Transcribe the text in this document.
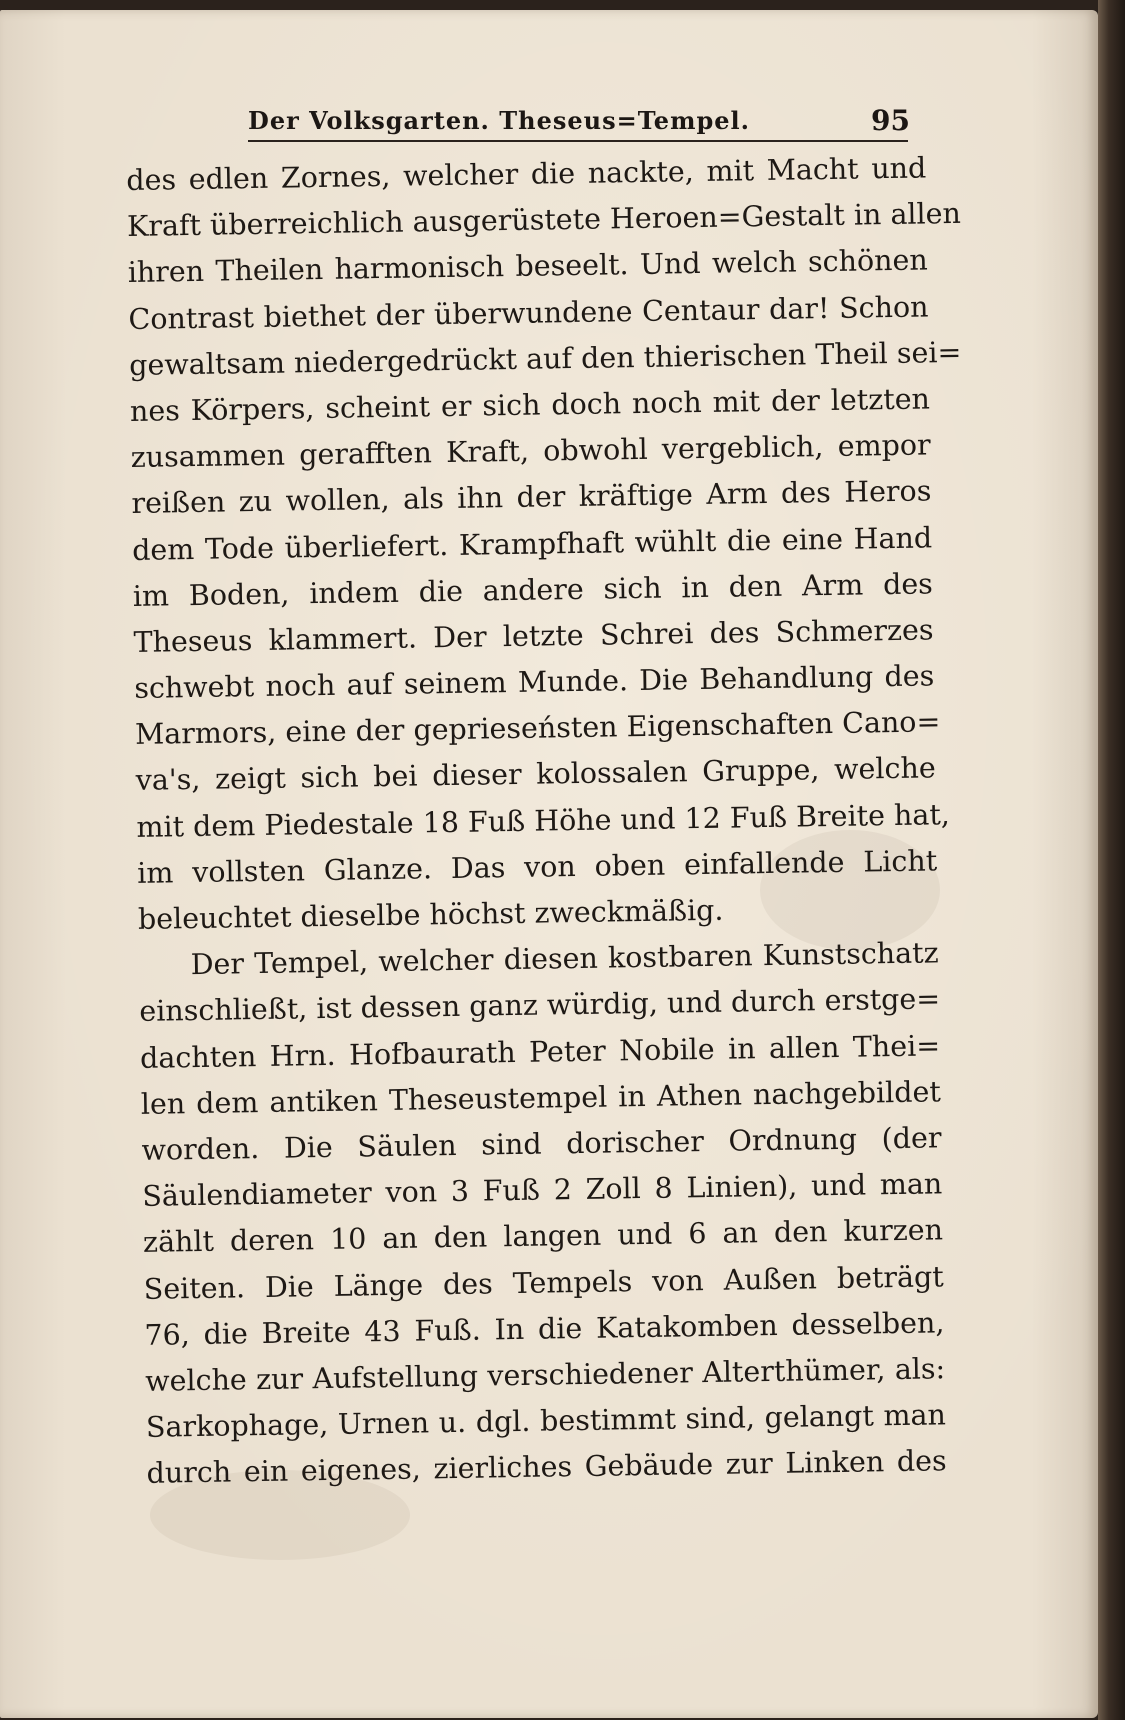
Der Volksgarten. Theseus=Tempel.	95
des edlen Zornes, welcher die nackte, mit Macht und
Kraft überreichlich ausgerüstete Heroen=Gestalt in allen
ihren Theilen harmonisch beseelt. Und welch schönen
Contrast biethet der überwundene Centaur dar! Schon
gewaltsam niedergedrückt auf den thierischen Theil sei=
nes Körpers, scheint er sich doch noch mit der letzten
zusammen gerafften Kraft, obwohl vergeblich, empor
reißen zu wollen, als ihn der kräftige Arm des Heros
dem Tode überliefert. Krampfhaft wühlt die eine Hand
im Boden, indem die andere sich in den Arm des
Theseus klammert. Der letzte Schrei des Schmerzes
schwebt noch auf seinem Munde. Die Behandlung des
Marmors, eine der geprieseństen Eigenschaften Cano=
va's, zeigt sich bei dieser kolossalen Gruppe, welche
mit dem Piedestale 18 Fuß Höhe und 12 Fuß Breite hat,
im vollsten Glanze. Das von oben einfallende Licht
beleuchtet dieselbe höchst zweckmäßig.
Der Tempel, welcher diesen kostbaren Kunstschatz
einschließt, ist dessen ganz würdig, und durch erstge=
dachten Hrn. Hofbaurath Peter Nobile in allen Thei=
len dem antiken Theseustempel in Athen nachgebildet
worden. Die Säulen sind dorischer Ordnung (der
Säulendiameter von 3 Fuß 2 Zoll 8 Linien), und man
zählt deren 10 an den langen und 6 an den kurzen
Seiten. Die Länge des Tempels von Außen beträgt
76, die Breite 43 Fuß. In die Katakomben desselben,
welche zur Aufstellung verschiedener Alterthümer, als:
Sarkophage, Urnen u. dgl. bestimmt sind, gelangt man
durch ein eigenes, zierliches Gebäude zur Linken des
